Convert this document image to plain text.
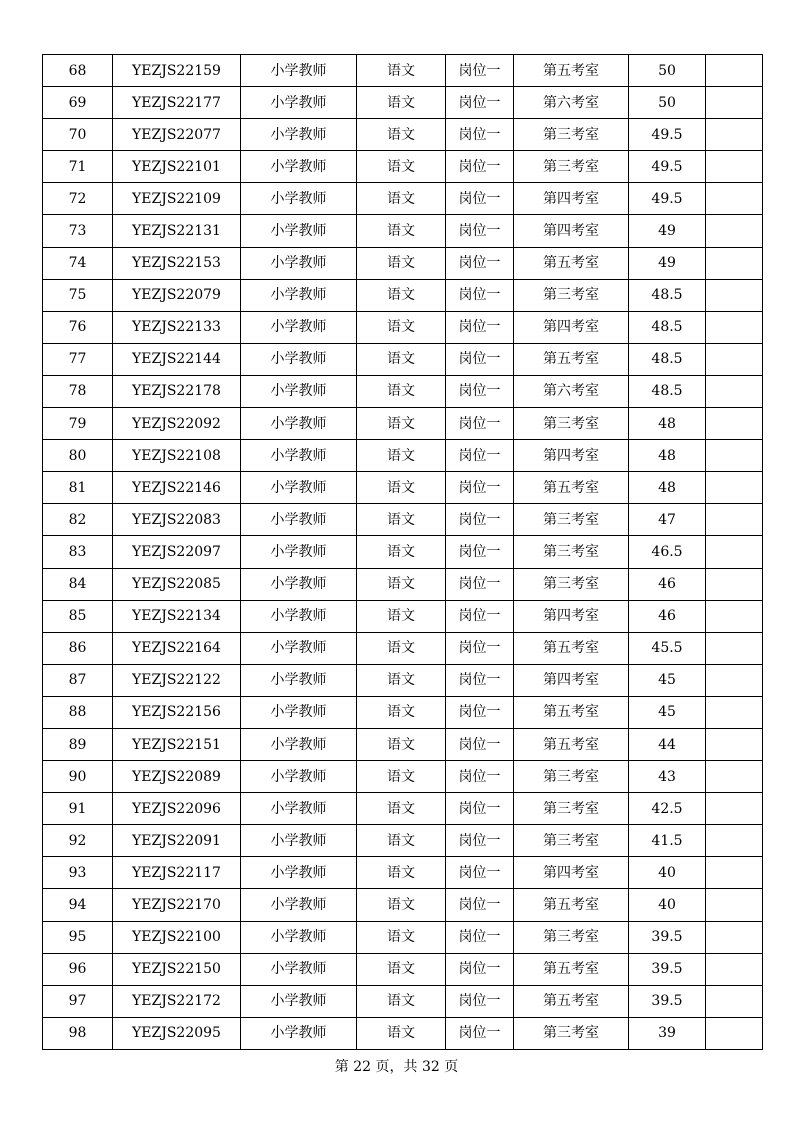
68	YEZJS22159	小学教师	语文	岗位一	第五考室	50	
69	YEZJS22177	小学教师	语文	岗位一	第六考室	50	
70	YEZJS22077	小学教师	语文	岗位一	第三考室	49.5	
71	YEZJS22101	小学教师	语文	岗位一	第三考室	49.5	
72	YEZJS22109	小学教师	语文	岗位一	第四考室	49.5	
73	YEZJS22131	小学教师	语文	岗位一	第四考室	49	
74	YEZJS22153	小学教师	语文	岗位一	第五考室	49	
75	YEZJS22079	小学教师	语文	岗位一	第三考室	48.5	
76	YEZJS22133	小学教师	语文	岗位一	第四考室	48.5	
77	YEZJS22144	小学教师	语文	岗位一	第五考室	48.5	
78	YEZJS22178	小学教师	语文	岗位一	第六考室	48.5	
79	YEZJS22092	小学教师	语文	岗位一	第三考室	48	
80	YEZJS22108	小学教师	语文	岗位一	第四考室	48	
81	YEZJS22146	小学教师	语文	岗位一	第五考室	48	
82	YEZJS22083	小学教师	语文	岗位一	第三考室	47	
83	YEZJS22097	小学教师	语文	岗位一	第三考室	46.5	
84	YEZJS22085	小学教师	语文	岗位一	第三考室	46	
85	YEZJS22134	小学教师	语文	岗位一	第四考室	46	
86	YEZJS22164	小学教师	语文	岗位一	第五考室	45.5	
87	YEZJS22122	小学教师	语文	岗位一	第四考室	45	
88	YEZJS22156	小学教师	语文	岗位一	第五考室	45	
89	YEZJS22151	小学教师	语文	岗位一	第五考室	44	
90	YEZJS22089	小学教师	语文	岗位一	第三考室	43	
91	YEZJS22096	小学教师	语文	岗位一	第三考室	42.5	
92	YEZJS22091	小学教师	语文	岗位一	第三考室	41.5	
93	YEZJS22117	小学教师	语文	岗位一	第四考室	40	
94	YEZJS22170	小学教师	语文	岗位一	第五考室	40	
95	YEZJS22100	小学教师	语文	岗位一	第三考室	39.5	
96	YEZJS22150	小学教师	语文	岗位一	第五考室	39.5	
97	YEZJS22172	小学教师	语文	岗位一	第五考室	39.5	
98	YEZJS22095	小学教师	语文	岗位一	第三考室	39	
第 22 页，共 32 页
